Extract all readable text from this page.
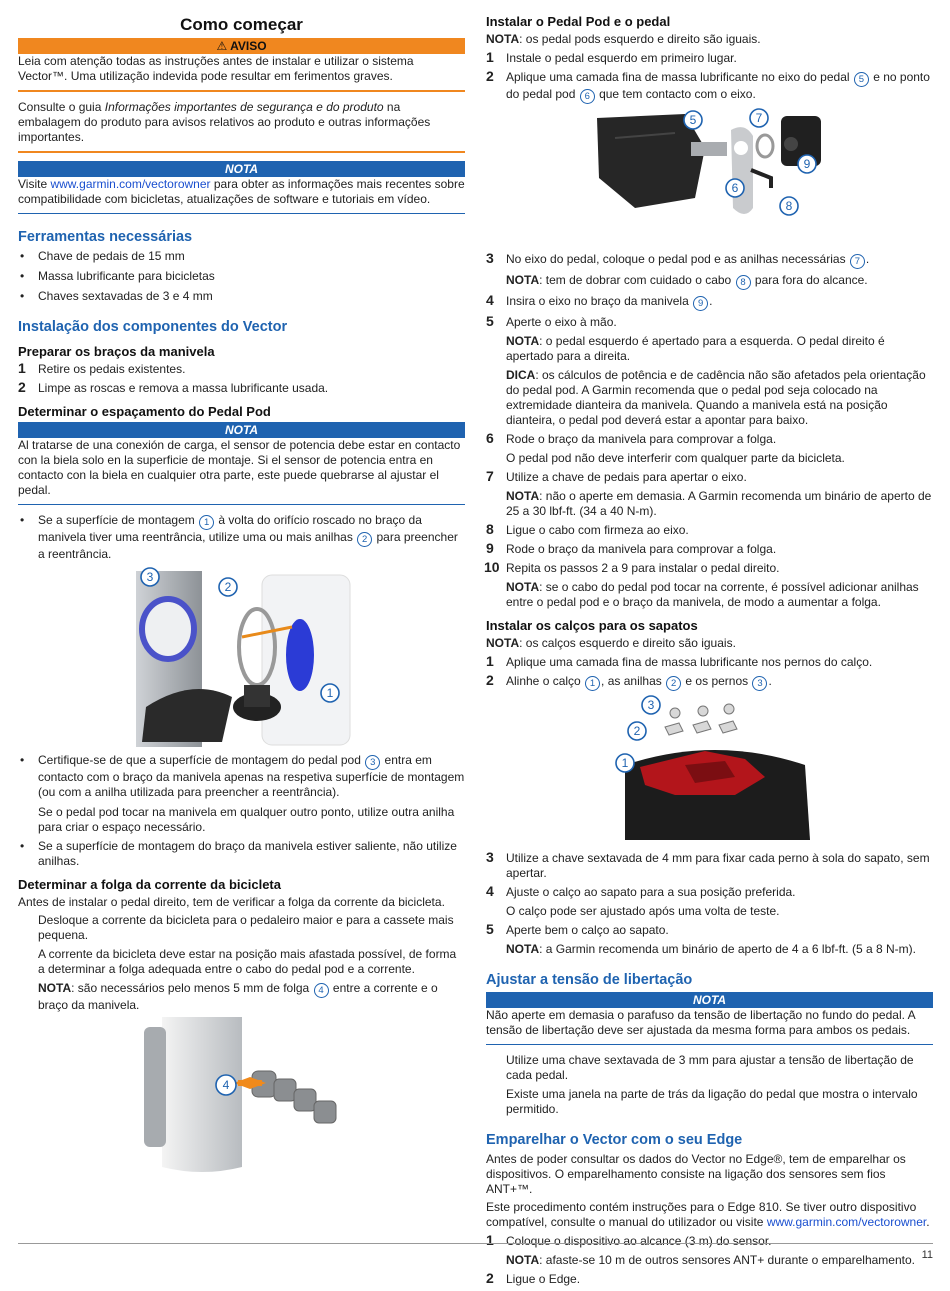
Como começar
⚠ AVISO

Leia com atenção todas as instruções antes de instalar e utilizar o sistema Vector™. Uma utilização indevida pode resultar em ferimentos graves.

Consulte o guia Informações importantes de segurança e do produto na embalagem do produto para avisos relativos ao produto e outras informações importantes.

NOTA

Visite www.garmin.com/vectorowner para obter as informações mais recentes sobre compatibilidade com bicicletas, atualizações de software e tutoriais em vídeo.

Ferramentas necessárias
• Chave de pedais de 15 mm
• Massa lubrificante para bicicletas
• Chaves sextavadas de 3 e 4 mm
Instalação dos componentes do Vector
Preparar os braços da manivela
1 Retire os pedais existentes.
2 Limpe as roscas e remova a massa lubrificante usada.
Determinar o espaçamento do Pedal Pod
NOTA

Al tratarse de una conexión de carga, el sensor de potencia debe estar en contacto con la biela solo en la superficie de montaje. Si el sensor de potencia entra en contacto con la biela en cualquier otra parte, este puede quebrarse al ajustar el pedal.

• Se a superfície de montagem 1 à volta do orifício roscado no braço da manivela tiver uma reentrância, utilize uma ou mais anilhas 2 para preencher a reentrância.
3
2
1
• Certifique-se de que a superfície de montagem do pedal pod 3 entra em contacto com o braço da manivela apenas na respetiva superfície de montagem (ou com a anilha utilizada para preencher a reentrância).
Se o pedal pod tocar na manivela em qualquer outro ponto, utilize outra anilha para criar o espaço necessário.
• Se a superfície de montagem do braço da manivela estiver saliente, não utilize anilhas.
Determinar a folga da corrente da bicicleta

Antes de instalar o pedal direito, tem de verificar a folga da corrente da bicicleta.

Desloque a corrente da bicicleta para o pedaleiro maior e para a cassete mais pequena.
A corrente da bicicleta deve estar na posição mais afastada possível, de forma a determinar a folga adequada entre o cabo do pedal pod e a corrente.
NOTA: são necessários pelo menos 5 mm de folga 4 entre a corrente e o braço da manivela.
4
Instalar o Pedal Pod e o pedal

NOTA: os pedal pods esquerdo e direito são iguais.

1 Instale o pedal esquerdo em primeiro lugar.
2 Aplique uma camada fina de massa lubrificante no eixo do pedal 5 e no ponto do pedal pod 6 que tem contacto com o eixo.
5	7
9
6
8
3 No eixo do pedal, coloque o pedal pod e as anilhas necessárias 7 .
NOTA: tem de dobrar com cuidado o cabo 8 para fora do alcance.
4 Insira o eixo no braço da manivela 9 .
5 Aperte o eixo à mão.
NOTA: o pedal esquerdo é apertado para a esquerda. O pedal direito é apertado para a direita.
DICA: os cálculos de potência e de cadência não são afetados pela orientação do pedal pod. A Garmin recomenda que o pedal pod seja colocado na extremidade dianteira da manivela. Quando a manivela está na posição dianteira, o pedal pod deverá estar a apontar para baixo.
6 Rode o braço da manivela para comprovar a folga.
O pedal pod não deve interferir com qualquer parte da bicicleta.
7 Utilize a chave de pedais para apertar o eixo.
NOTA: não o aperte em demasia. A Garmin recomenda um binário de aperto de 25 a 30 lbf-ft. (34 a 40 N-m).
8 Ligue o cabo com firmeza ao eixo.
9 Rode o braço da manivela para comprovar a folga.
10 Repita os passos 2 a 9 para instalar o pedal direito.
NOTA: se o cabo do pedal pod tocar na corrente, é possível adicionar anilhas entre o pedal pod e o braço da manivela, de modo a aumentar a folga.
Instalar os calços para os sapatos

NOTA: os calços esquerdo e direito são iguais.

1 Aplique uma camada fina de massa lubrificante nos pernos do calço.
2 Alinhe o calço 1 , as anilhas 2 e os pernos 3 .
3
2
1
3 Utilize a chave sextavada de 4 mm para fixar cada perno à sola do sapato, sem apertar.
4 Ajuste o calço ao sapato para a sua posição preferida.
O calço pode ser ajustado após uma volta de teste.
5 Aperte bem o calço ao sapato.
NOTA: a Garmin recomenda um binário de aperto de 4 a 6 lbf-ft. (5 a 8 N-m).
Ajustar a tensão de libertação
NOTA

Não aperte em demasia o parafuso da tensão de libertação no fundo do pedal. A tensão de libertação deve ser ajustada da mesma forma para ambos os pedais.

Utilize uma chave sextavada de 3 mm para ajustar a tensão de libertação de cada pedal.
Existe uma janela na parte de trás da ligação do pedal que mostra o intervalo permitido.
Emparelhar o Vector com o seu Edge

Antes de poder consultar os dados do Vector no Edge®, tem de emparelhar os dispositivos. O emparelhamento consiste na ligação dos sensores sem fios ANT+™.

Este procedimento contém instruções para o Edge 810. Se tiver outro dispositivo compatível, consulte o manual do utilizador ou visite www.garmin.com/vectorowner.

1 Coloque o dispositivo ao alcance (3 m) do sensor.
NOTA: afaste-se 10 m de outros sensores ANT+ durante o emparelhamento.
2 Ligue o Edge.
11
